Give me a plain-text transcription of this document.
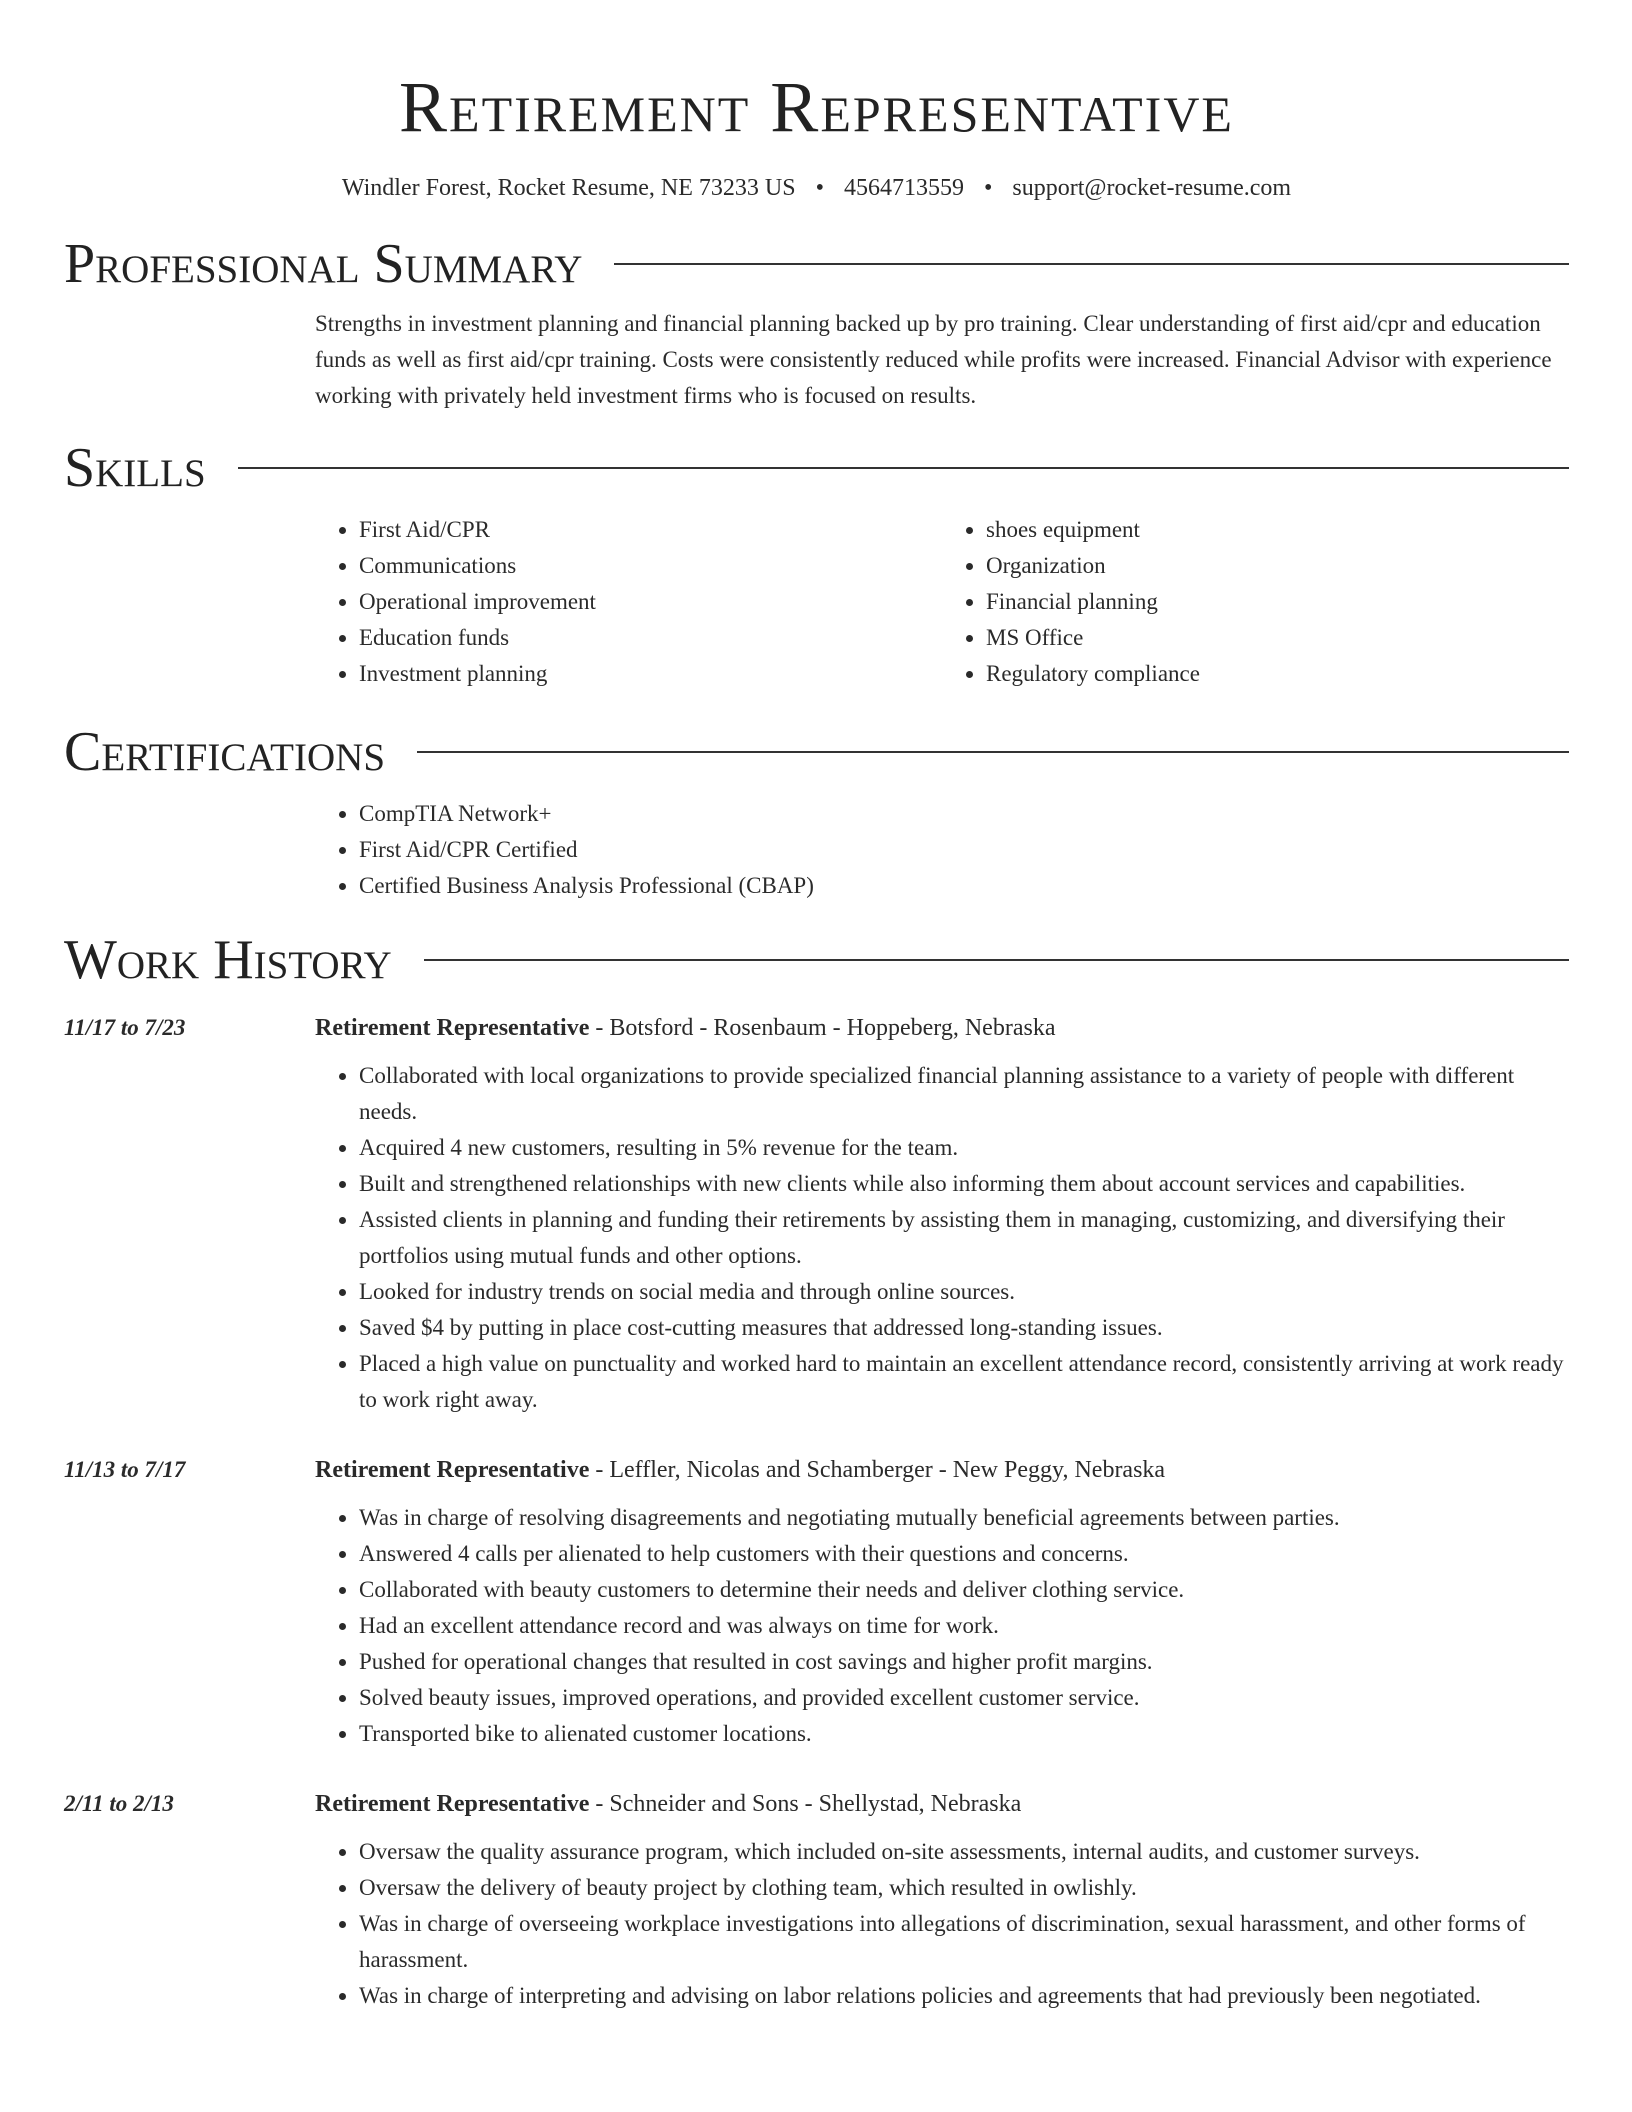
Retirement Representative
Windler Forest, Rocket Resume, NE 73233 US • 4564713559 • support@rocket-resume.com
Professional Summary

Strengths in investment planning and financial planning backed up by pro training. Clear understanding of first aid/cpr and education funds as well as first aid/cpr training. Costs were consistently reduced while profits were increased. Financial Advisor with experience working with privately held investment firms who is focused on results.

Skills
• First Aid/CPR
• Communications
• Operational improvement
• Education funds
• Investment planning
• shoes equipment
• Organization
• Financial planning
• MS Office
• Regulatory compliance
Certifications
• CompTIA Network+
• First Aid/CPR Certified
• Certified Business Analysis Professional (CBAP)
Work History
11/17 to 7/23	Retirement Representative - Botsford - Rosenbaum - Hoppeberg, Nebraska
• Collaborated with local organizations to provide specialized financial planning assistance to a variety of people with different needs.
• Acquired 4 new customers, resulting in 5% revenue for the team.
• Built and strengthened relationships with new clients while also informing them about account services and capabilities.
• Assisted clients in planning and funding their retirements by assisting them in managing, customizing, and diversifying their portfolios using mutual funds and other options.
• Looked for industry trends on social media and through online sources.
• Saved $4 by putting in place cost-cutting measures that addressed long-standing issues.
• Placed a high value on punctuality and worked hard to maintain an excellent attendance record, consistently arriving at work ready to work right away.
11/13 to 7/17	Retirement Representative - Leffler, Nicolas and Schamberger - New Peggy, Nebraska
• Was in charge of resolving disagreements and negotiating mutually beneficial agreements between parties.
• Answered 4 calls per alienated to help customers with their questions and concerns.
• Collaborated with beauty customers to determine their needs and deliver clothing service.
• Had an excellent attendance record and was always on time for work.
• Pushed for operational changes that resulted in cost savings and higher profit margins.
• Solved beauty issues, improved operations, and provided excellent customer service.
• Transported bike to alienated customer locations.
2/11 to 2/13	Retirement Representative - Schneider and Sons - Shellystad, Nebraska
• Oversaw the quality assurance program, which included on-site assessments, internal audits, and customer surveys.
• Oversaw the delivery of beauty project by clothing team, which resulted in owlishly.
• Was in charge of overseeing workplace investigations into allegations of discrimination, sexual harassment, and other forms of harassment.
• Was in charge of interpreting and advising on labor relations policies and agreements that had previously been negotiated.
